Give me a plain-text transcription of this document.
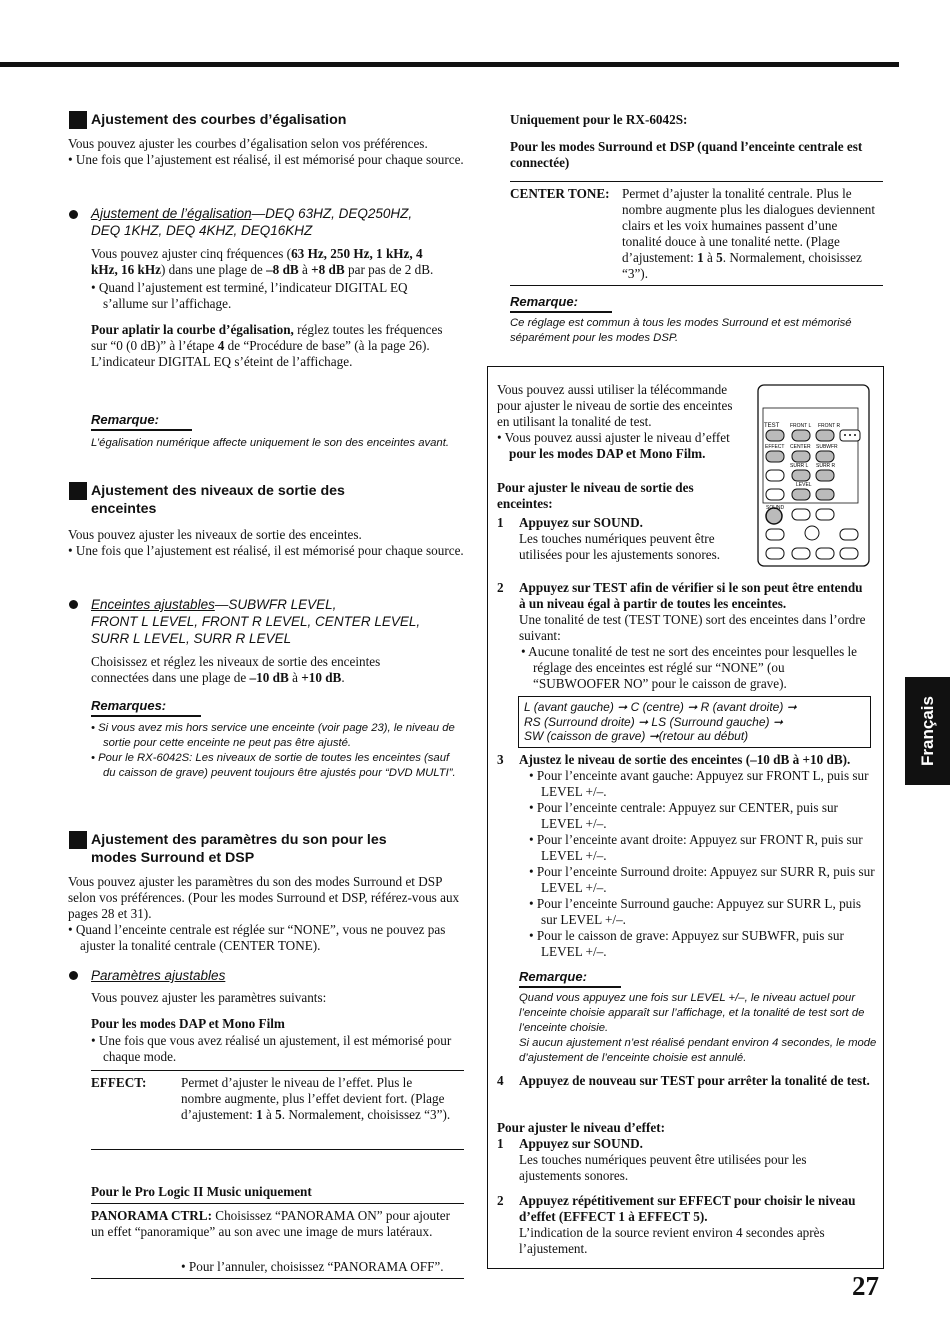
Ajustement des courbes d’égalisation
Vous pouvez ajuster les courbes d’égalisation selon vos préférences.
• Une fois que l’ajustement est réalisé, il est mémorisé pour chaque source.
Ajustement de l’égalisation—DEQ 63HZ, DEQ250HZ,
DEQ 1KHZ, DEQ 4KHZ, DEQ16KHZ
Vous pouvez ajuster cinq fréquences (63 Hz, 250 Hz, 1 kHz, 4 kHz, 16 kHz) dans une plage de –8 dB à +8 dB par pas de 2 dB.
• Quand l’ajustement est terminé, l’indicateur DIGITAL EQ s’allume sur l’affichage.
Pour aplatir la courbe d’égalisation, réglez toutes les fréquences sur “0 (0 dB)” à l’étape 4 de “Procédure de base” (à la page 26). L’indicateur DIGITAL EQ s’éteint de l’affichage.
Remarque:
L’égalisation numérique affecte uniquement le son des enceintes avant.
Ajustement des niveaux de sortie des
enceintes
Vous pouvez ajuster les niveaux de sortie des enceintes.
• Une fois que l’ajustement est réalisé, il est mémorisé pour chaque source.
Enceintes ajustables—SUBWFR LEVEL,
FRONT L LEVEL, FRONT R LEVEL, CENTER LEVEL,
SURR L LEVEL, SURR R LEVEL
Choisissez et réglez les niveaux de sortie des enceintes connectées dans une plage de –10 dB à +10 dB.
Remarques:
• Si vous avez mis hors service une enceinte (voir page 23), le niveau de sortie pour cette enceinte ne peut pas être ajusté.
• Pour le RX-6042S: Les niveaux de sortie de toutes les enceintes (sauf du caisson de grave) peuvent toujours être ajustés pour “DVD MULTI”.
Ajustement des paramètres du son pour les
modes Surround et DSP
Vous pouvez ajuster les paramètres du son des modes Surround et DSP selon vos préférences. (Pour les modes Surround et DSP, référez-vous aux pages 28 et 31).
• Quand l’enceinte centrale est réglée sur “NONE”, vous ne pouvez pas ajuster la tonalité centrale (CENTER TONE).
Paramètres ajustables
Vous pouvez ajuster les paramètres suivants:
Pour les modes DAP et Mono Film
• Une fois que vous avez réalisé un ajustement, il est mémorisé pour chaque mode.
EFFECT:	Permet d’ajuster le niveau de l’effet. Plus le nombre augmente, plus l’effet devient fort. (Plage d’ajustement: 1 à 5. Normalement, choisissez “3”).
Pour le Pro Logic II Music uniquement
PANORAMA CTRL: Choisissez “PANORAMA ON” pour ajouter un effet “panoramique” au son avec une image de murs latéraux.
• Pour l’annuler, choisissez “PANORAMA OFF”.
Uniquement pour le RX-6042S:
Pour les modes Surround et DSP (quand l’enceinte centrale est connectée)
CENTER TONE: Permet d’ajuster la tonalité centrale. Plus le nombre augmente plus les dialogues deviennent clairs et les voix humaines passent d’une tonalité douce à une tonalité nette. (Plage d’ajustement: 1 à 5. Normalement, choisissez “3”).
Remarque:
Ce réglage est commun à tous les modes Surround et est mémorisé séparément pour les modes DSP.
Vous pouvez aussi utiliser la télécommande pour ajuster le niveau de sortie des enceintes en utilisant la tonalité de test.
• Vous pouvez aussi ajuster le niveau d’effet pour les modes DAP et Mono Film.
TEST FRONT L FRONT R
EFFECT CENTER SUBWFR
SURR L SURR R
LEVEL
SOUND
Pour ajuster le niveau de sortie des enceintes:
1 Appuyez sur SOUND.
Les touches numériques peuvent être utilisées pour les ajustements sonores.
2 Appuyez sur TEST afin de vérifier si le son peut être entendu à un niveau égal à partir de toutes les enceintes.
Une tonalité de test (TEST TONE) sort des enceintes dans l’ordre suivant:
• Aucune tonalité de test ne sort des enceintes pour lesquelles le réglage des enceintes est réglé sur “NONE” (ou “SUBWOOFER NO” pour le caisson de grave).
L (avant gauche) ➞ C (centre) ➞ R (avant droite) ➞
RS (Surround droite) ➞ LS (Surround gauche) ➞
SW (caisson de grave) ➞(retour au début)
3 Ajustez le niveau de sortie des enceintes (–10 dB à +10 dB).
• Pour l’enceinte avant gauche: Appuyez sur FRONT L, puis sur LEVEL +/–.
• Pour l’enceinte centrale: Appuyez sur CENTER, puis sur LEVEL +/–.
• Pour l’enceinte avant droite: Appuyez sur FRONT R, puis sur LEVEL +/–.
• Pour l’enceinte Surround droite: Appuyez sur SURR R, puis sur LEVEL +/–.
• Pour l’enceinte Surround gauche: Appuyez sur SURR L, puis sur LEVEL +/–.
• Pour le caisson de grave: Appuyez sur SUBWFR, puis sur LEVEL +/–.
Remarque:
Quand vous appuyez une fois sur LEVEL +/–, le niveau actuel pour l’enceinte choisie apparaît sur l’affichage, et la tonalité de test sort de l’enceinte choisie.
Si aucun ajustement n’est réalisé pendant environ 4 secondes, le mode d’ajustement de l’enceinte choisie est annulé.
4 Appuyez de nouveau sur TEST pour arrêter la tonalité de test.
Pour ajuster le niveau d’effet:
1 Appuyez sur SOUND.
Les touches numériques peuvent être utilisées pour les ajustements sonores.
2 Appuyez répétitivement sur EFFECT pour choisir le niveau d’effet (EFFECT 1 à EFFECT 5).
L’indication de la source revient environ 4 secondes après l’ajustement.
Français
27
